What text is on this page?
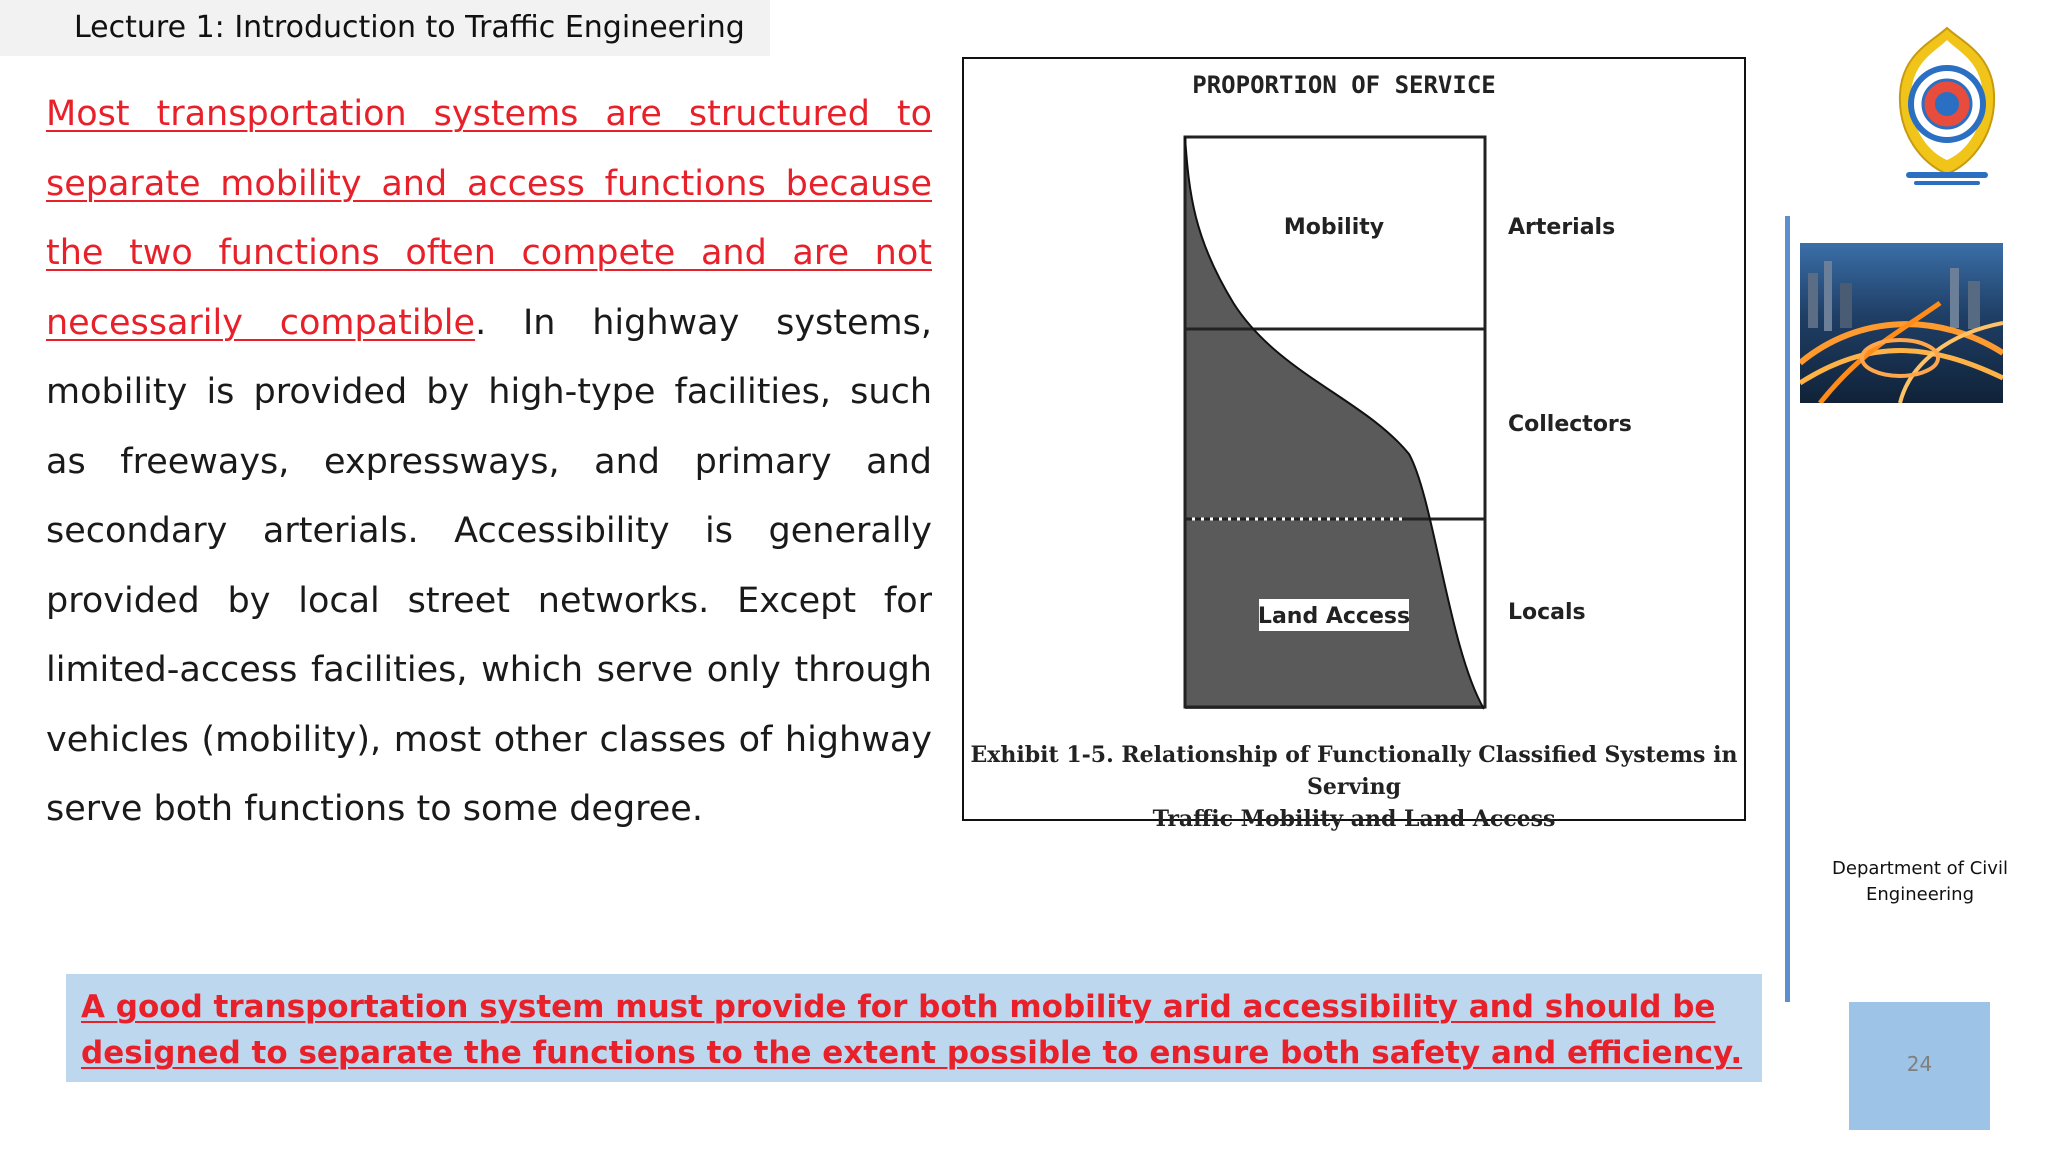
Lecture 1: Introduction to Traffic Engineering
Most transportation systems are structured to separate mobility and access functions because the two functions often compete and are not necessarily compatible. In highway systems, mobility is provided by high-type facilities, such as freeways, expressways, and primary and secondary arterials. Accessibility is generally provided by local street networks. Except for limited-access facilities, which serve only through vehicles (mobility), most other classes of highway serve both functions to some degree.
PROPORTION OF SERVICE
Mobility
Land Access
Arterials
Collectors
Locals
Exhibit 1-5. Relationship of Functionally Classified Systems in Serving
Traffic Mobility and Land Access
Department of Civil Engineering
24
A good transportation system must provide for both mobility arid accessibility and should be designed to separate the functions to the extent possible to ensure both safety and efficiency.
